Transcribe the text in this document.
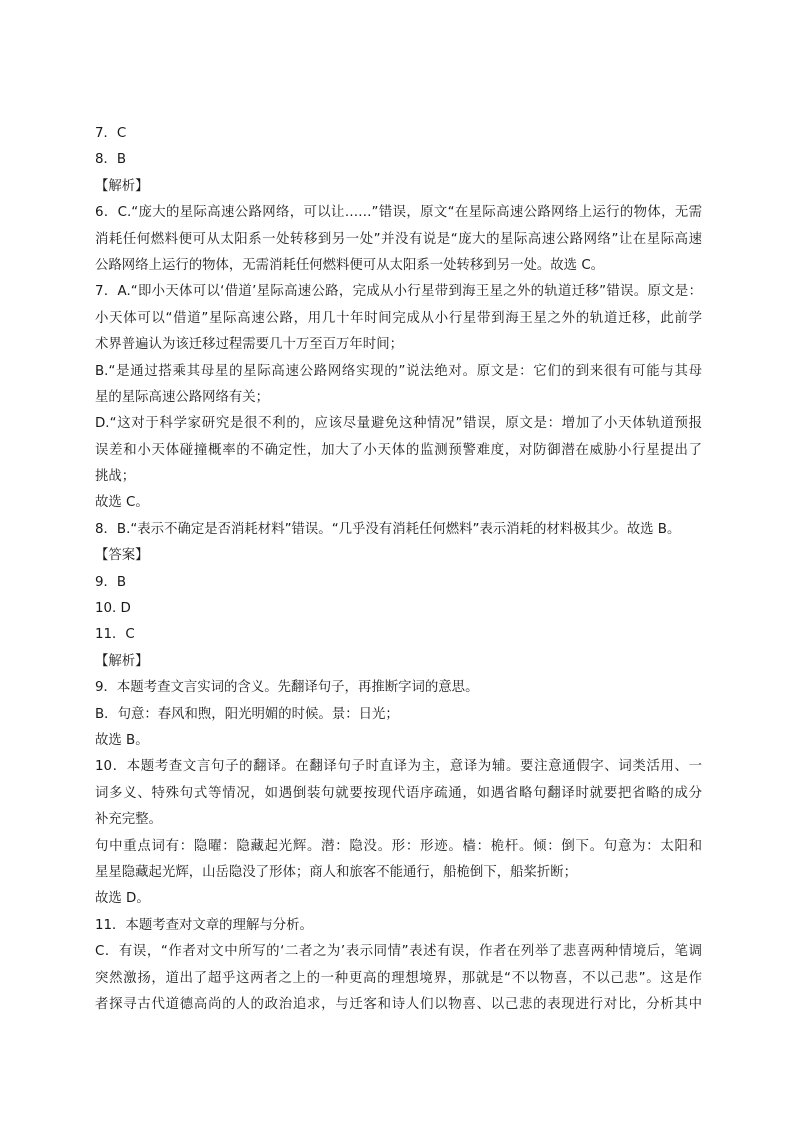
7．C
8．B
【解析】
6．C.“庞大的星际高速公路网络，可以让……”错误，原文“在星际高速公路网络上运行的物体，无需
消耗任何燃料便可从太阳系一处转移到另一处”并没有说是“庞大的星际高速公路网络”让在星际高速
公路网络上运行的物体，无需消耗任何燃料便可从太阳系一处转移到另一处。故选 C。
7．A.“即小天体可以‘借道’星际高速公路，完成从小行星带到海王星之外的轨道迁移”错误。原文是：
小天体可以“借道”星际高速公路，用几十年时间完成从小行星带到海王星之外的轨道迁移，此前学
术界普遍认为该迁移过程需要几十万至百万年时间；
B.“是通过搭乘其母星的星际高速公路网络实现的”说法绝对。原文是：它们的到来很有可能与其母
星的星际高速公路网络有关；
D.“这对于科学家研究是很不利的，应该尽量避免这种情况”错误，原文是：增加了小天体轨道预报
误差和小天体碰撞概率的不确定性，加大了小天体的监测预警难度，对防御潜在威胁小行星提出了
挑战；
故选 C。
8．B.“表示不确定是否消耗材料”错误。“几乎没有消耗任何燃料”表示消耗的材料极其少。故选 B。
【答案】
9．B
10. D
11．C
【解析】
9．本题考查文言实词的含义。先翻译句子，再推断字词的意思。
B．句意：春风和煦，阳光明媚的时候。景：日光；
故选 B。
10．本题考查文言句子的翻译。在翻译句子时直译为主，意译为辅。要注意通假字、词类活用、一
词多义、特殊句式等情况，如遇倒装句就要按现代语序疏通，如遇省略句翻译时就要把省略的成分
补充完整。
句中重点词有：隐曜：隐藏起光辉。潜：隐没。形：形迹。樯：桅杆。倾：倒下。句意为：太阳和
星星隐藏起光辉，山岳隐没了形体；商人和旅客不能通行，船桅倒下，船桨折断；
故选 D。
11．本题考查对文章的理解与分析。
C．有误，“作者对文中所写的‘二者之为’表示同情”表述有误，作者在列举了悲喜两种情境后，笔调
突然激扬，道出了超乎这两者之上的一种更高的理想境界，那就是“不以物喜，不以己悲”。这是作
者探寻古代道德高尚的人的政治追求，与迁客和诗人们以物喜、以己悲的表现进行对比，分析其中
